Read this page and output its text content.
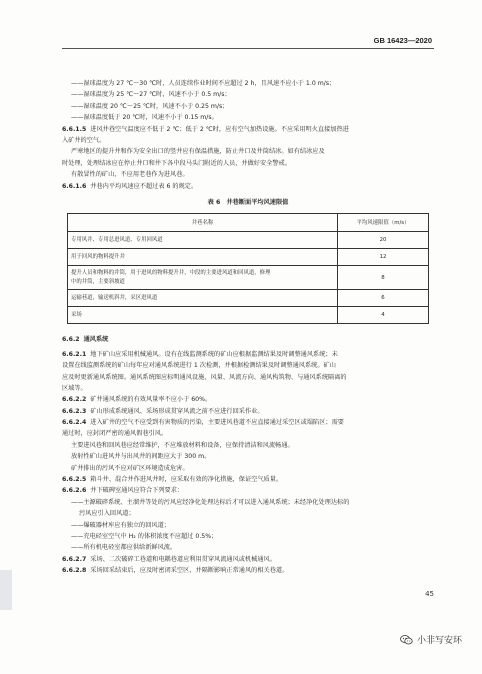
GB 16423—2020
——湿球温度为 27 ℃～30 ℃时，人员连续作业时间不应超过 2 h，且风速不应小于 1.0 m/s；
——湿球温度为 25 ℃～27 ℃时，风速不小于 0.5 m/s；
——湿球温度 20 ℃～25 ℃时，风速不小于 0.25 m/s；
——湿球温度低于 20 ℃时，风速不小于 0.15 m/s。
6.6.1.5 进风井巷空气温度应不低于 2 ℃；低于 2 ℃时，应有空气加热设施。不应采用明火直接加热进
入矿井的空气。
严寒地区的提升井和作为安全出口的竖井应有保温措施，防止井口及井筒结冰。如有结冰应及
时处理，处理结冰应在停止井口和井下各中段马头门附近的人员，并做好安全警戒。
有散冒性的矿山，不应用老巷作为进风巷。
6.6.1.6 井巷内平均风速应不超过表 6 的规定。
表 6　井巷断面平均风速限值
井巷名称	平均风速限值（m/s）
专用风井、专用总进风道、专用回风道	20
用于回风的物料提升井	12

提升人员和物料的井筒，用于进风的物料提升井，中段的主要进风道和回风道，修理
中的井筒，主要斜坡道	8
运输巷道，输送机斜井，采区进风道	6
采场	4
6.6.2 通风系统
6.6.2.1 地下矿山应采用机械通风。设有在线监测系统的矿山应根据监测结果及时调整通风系统；未
设置在线监测系统的矿山每年应对通风系统进行 1 次检测，并根据检测结果及时调整通风系统。矿山
应及时更新通风系统图。通风系统图应标明通风设施、风量、风流方向、通风构筑物、与通风系统隔离的
区域等。
6.6.2.2 矿井通风系统的有效风量率不应小于 60%。
6.6.2.3 矿山形成系统通风、采场形成贯穿风流之前不应进行回采作业。
6.6.2.4 进入矿井的空气不应受到有害物质的污染，主要进风巷道不应直接通过采空区或塌陷区；需要
通过时，应封闭严密的通风假巷引风。
主要进风巷和回风巷应经常维护，不应堆放材料和设备，应保持清洁和风流畅通。
放射性矿山进风井与出风井的间距应大于 300 m。
矿井排出的污风不应对矿区环境造成危害。
6.6.2.5 箱斗井、混合井作进风井时，应采取有效的净化措施，保证空气质量。
6.6.2.6 井下破碑室通风应符合下列要求：
——主源破碎系统、主溜井等处的污风应经净化处理达标后才可以进入通风系统；未经净化处理达标的
污风应引入回风道；
——爆破器材库应有独立的回风道；
——充电硁室空气中 H₂ 的体积浓度不应超过 0.5%；
——所有机电硁室都应供给新鲜风流。
6.6.2.7 采场、二次破碎工巷道和电耦巷道应利用贯穿风流通风或机械通风。
6.6.2.8 采场回采结束后，应及时密闭采空区，并隔断影响正常通风的相关巷道。
45
小非写安环
